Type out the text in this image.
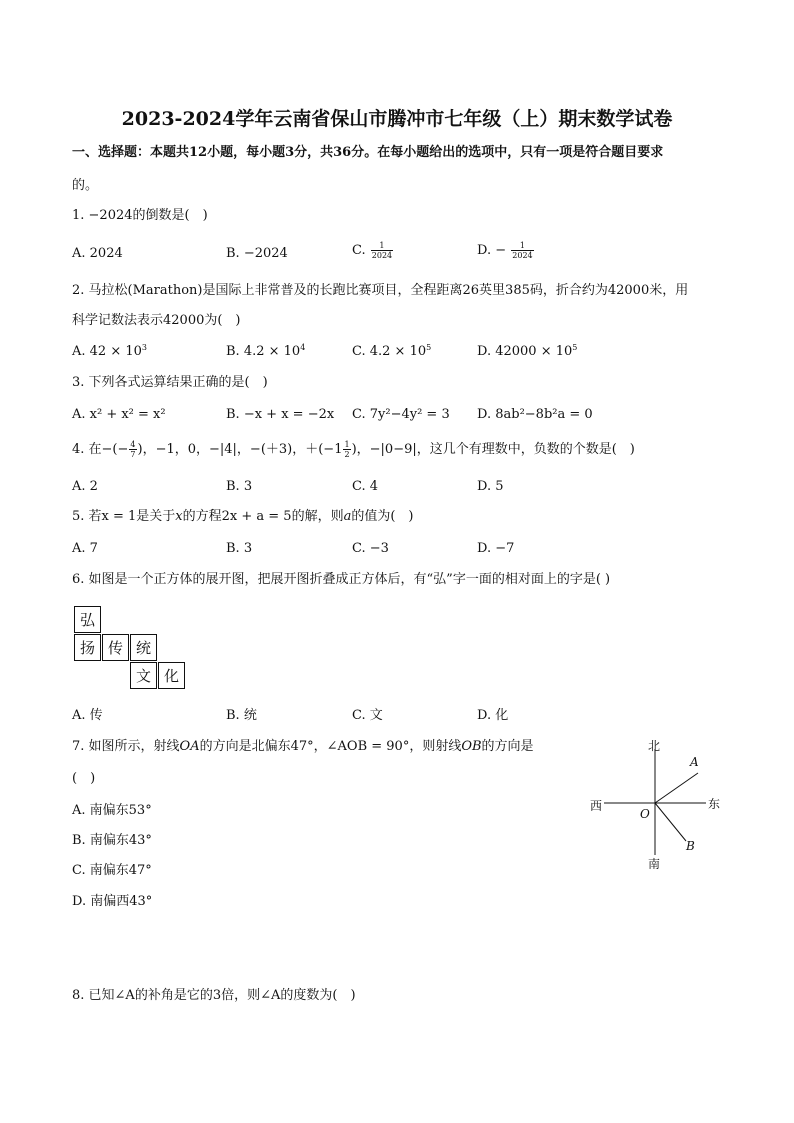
2023-2024学年云南省保山市腾冲市七年级（上）期末数学试卷
一、选择题：本题共12小题，每小题3分，共36分。在每小题给出的选项中，只有一项是符合题目要求
的。
1. −2024的倒数是(　)
A. 2024	B. −2024	C. $\frac{1}{2024}$	D. − $\frac{1}{2024}$
2. 马拉松(Marathon)是国际上非常普及的长跑比赛项目，全程距离26英里385码，折合约为42000米，用
科学记数法表示42000为(　)
A. $42 \times 10^3$	B. $4.2 \times 10^4$	C. $4.2 \times 10^5$	D. $42000 \times 10^5$
3. 下列各式运算结果正确的是(　)
A. x² + x² = x²	B. −x + x = −2x C. 7y²−4y² = 3 D. 8ab²−8b²a = 0
4. 在−(− $\frac{4}{7}$ )，−1，0，−|4|，−(＋3)，$+(-1 \frac{1}{2}$ )，−|0−9|，这几个有理数中，负数的个数是(　)
A. 2	B. 3	C. 4	D. 5
5. 若x = 1是关于x的方程2x + a = 5的解，则a的值为(　)
A. 7	B. 3	C. −3	D. −7
6. 如图是一个正方体的展开图，把展开图折叠成正方体后，有“弘”字一面的相对面上的字是( )
弘
扬 传 统
文 化
A. 传	B. 统	C. 文	D. 化
7. 如图所示，射线OA的方向是北偏东47°，∠AOB = 90°，则射线OB的方向是
(　)
A. 南偏东53°
B. 南偏东43°
C. 南偏东47°
D. 南偏西43°
北
南
东
西
O
A
B
8. 已知∠A的补角是它的3倍，则∠A的度数为(　)
